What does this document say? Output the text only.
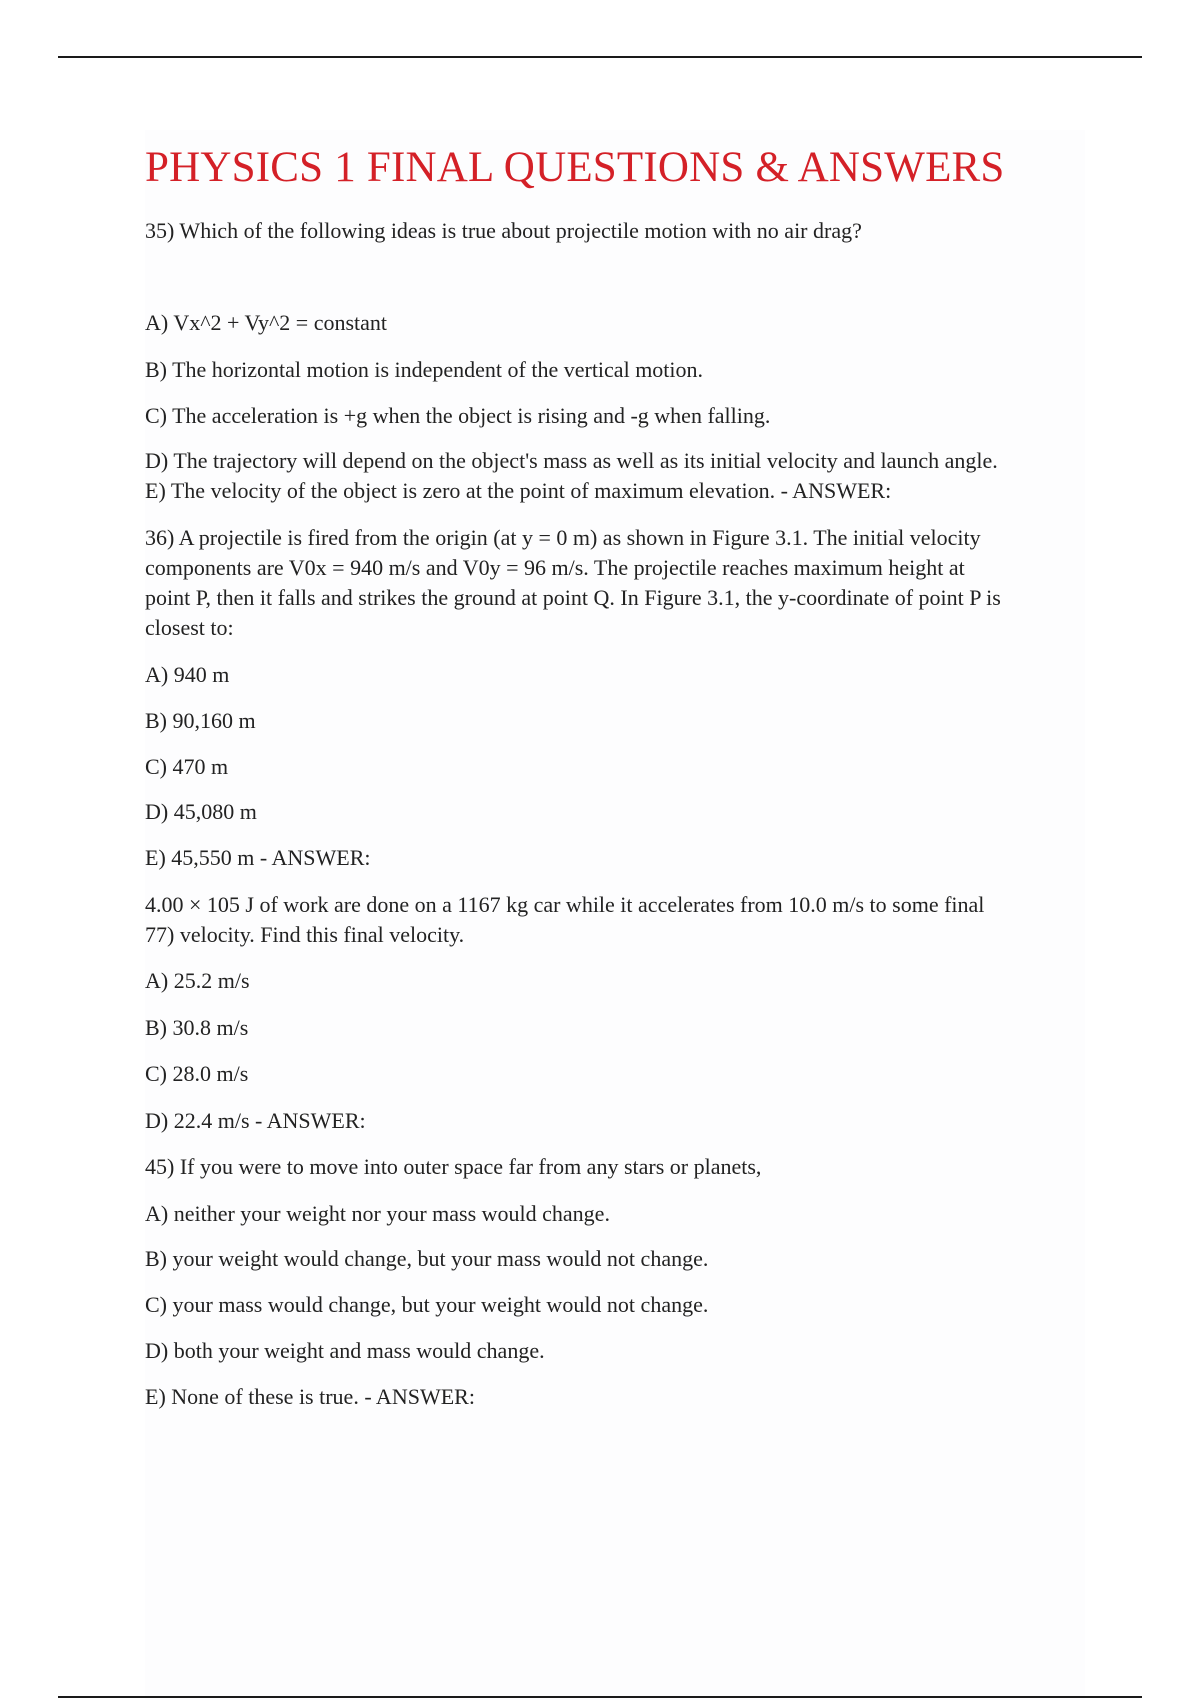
PHYSICS 1 FINAL QUESTIONS & ANSWERS
35) Which of the following ideas is true about projectile motion with no air drag?
A) Vx^2 + Vy^2 = constant
B) The horizontal motion is independent of the vertical motion.
C) The acceleration is +g when the object is rising and -g when falling.
D) The trajectory will depend on the object's mass as well as its initial velocity and launch angle.
E) The velocity of the object is zero at the point of maximum elevation. - ANSWER:
36) A projectile is fired from the origin (at y = 0 m) as shown in Figure 3.1. The initial velocity
components are V0x = 940 m/s and V0y = 96 m/s. The projectile reaches maximum height at
point P, then it falls and strikes the ground at point Q. In Figure 3.1, the y-coordinate of point P is
closest to:
A) 940 m
B) 90,160 m
C) 470 m
D) 45,080 m
E) 45,550 m - ANSWER:
4.00 × 105 J of work are done on a 1167 kg car while it accelerates from 10.0 m/s to some final
77) velocity. Find this final velocity.
A) 25.2 m/s
B) 30.8 m/s
C) 28.0 m/s
D) 22.4 m/s - ANSWER:
45) If you were to move into outer space far from any stars or planets,
A) neither your weight nor your mass would change.
B) your weight would change, but your mass would not change.
C) your mass would change, but your weight would not change.
D) both your weight and mass would change.
E) None of these is true. - ANSWER:
